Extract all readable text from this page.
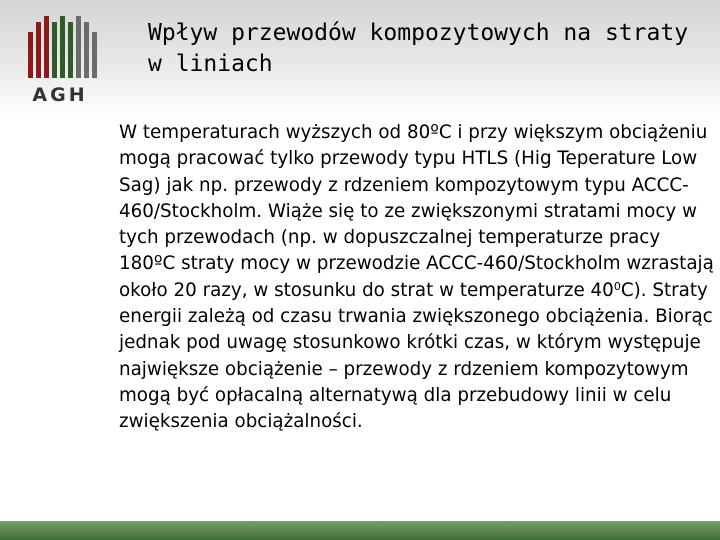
AGH
Wpływ przewodów kompozytowych na straty w liniach

W temperaturach wyższych od 80ºC i przy większym obciążeniu mogą pracować tylko przewody typu HTLS (Hig Teperature Low Sag) jak np. przewody z rdzeniem kompozytowym typu ACCC-460/Stockholm. Wiąże się to ze zwiększonymi stratami mocy w tych przewodach (np. w dopuszczalnej temperaturze pracy 180ºC straty mocy w przewodzie ACCC-460/Stockholm wzrastają około 20 razy, w stosunku do strat w temperaturze $40^0C$). Straty energii zależą od czasu trwania zwiększonego obciążenia. Biorąc jednak pod uwagę stosunkowo krótki czas, w którym występuje największe obciążenie – przewody z rdzeniem kompozytowym mogą być opłacalną alternatywą dla przebudowy linii w celu zwiększenia obciążalności.
